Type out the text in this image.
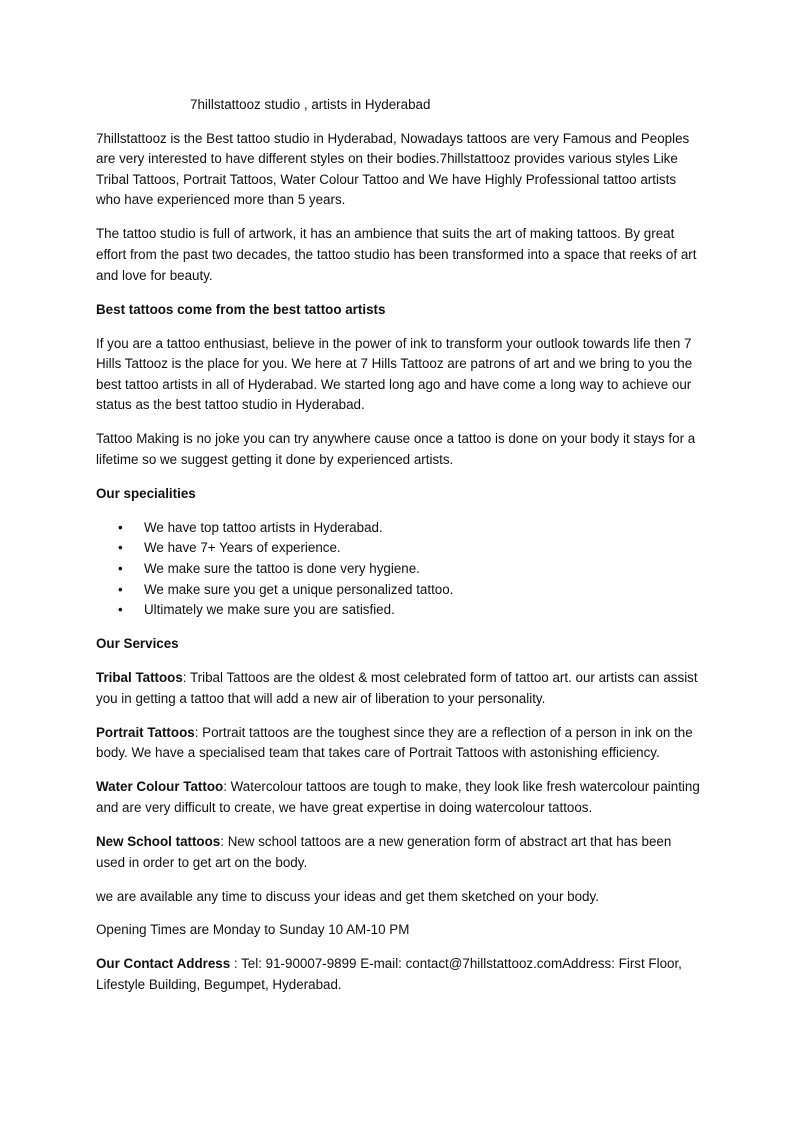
7hillstattooz studio , artists in Hyderabad

7hillstattooz is the Best tattoo studio in Hyderabad, Nowadays tattoos are very Famous and Peoples are very interested to have different styles on their bodies.7hillstattooz provides various styles Like Tribal Tattoos, Portrait Tattoos, Water Colour Tattoo and We have Highly Professional tattoo artists who have experienced more than 5 years.

The tattoo studio is full of artwork, it has an ambience that suits the art of making tattoos. By great effort from the past two decades, the tattoo studio has been transformed into a space that reeks of art and love for beauty.

Best tattoos come from the best tattoo artists

If you are a tattoo enthusiast, believe in the power of ink to transform your outlook towards life then 7 Hills Tattooz is the place for you. We here at 7 Hills Tattooz are patrons of art and we bring to you the best tattoo artists in all of Hyderabad. We started long ago and have come a long way to achieve our status as the best tattoo studio in Hyderabad.

Tattoo Making is no joke you can try anywhere cause once a tattoo is done on your body it stays for a lifetime so we suggest getting it done by experienced artists.

Our specialities

• We have top tattoo artists in Hyderabad.
• We have 7+ Years of experience.
• We make sure the tattoo is done very hygiene.
• We make sure you get a unique personalized tattoo.
• Ultimately we make sure you are satisfied.

Our Services

Tribal Tattoos: Tribal Tattoos are the oldest & most celebrated form of tattoo art. our artists can assist you in getting a tattoo that will add a new air of liberation to your personality.

Portrait Tattoos: Portrait tattoos are the toughest since they are a reflection of a person in ink on the body. We have a specialised team that takes care of Portrait Tattoos with astonishing efficiency.

Water Colour Tattoo: Watercolour tattoos are tough to make, they look like fresh watercolour painting and are very difficult to create, we have great expertise in doing watercolour tattoos.

New School tattoos: New school tattoos are a new generation form of abstract art that has been used in order to get art on the body.

we are available any time to discuss your ideas and get them sketched on your body.

Opening Times are Monday to Sunday 10 AM-10 PM

Our Contact Address : Tel: 91-90007-9899 E-mail: contact@7hillstattooz.comAddress: First Floor, Lifestyle Building, Begumpet, Hyderabad.
